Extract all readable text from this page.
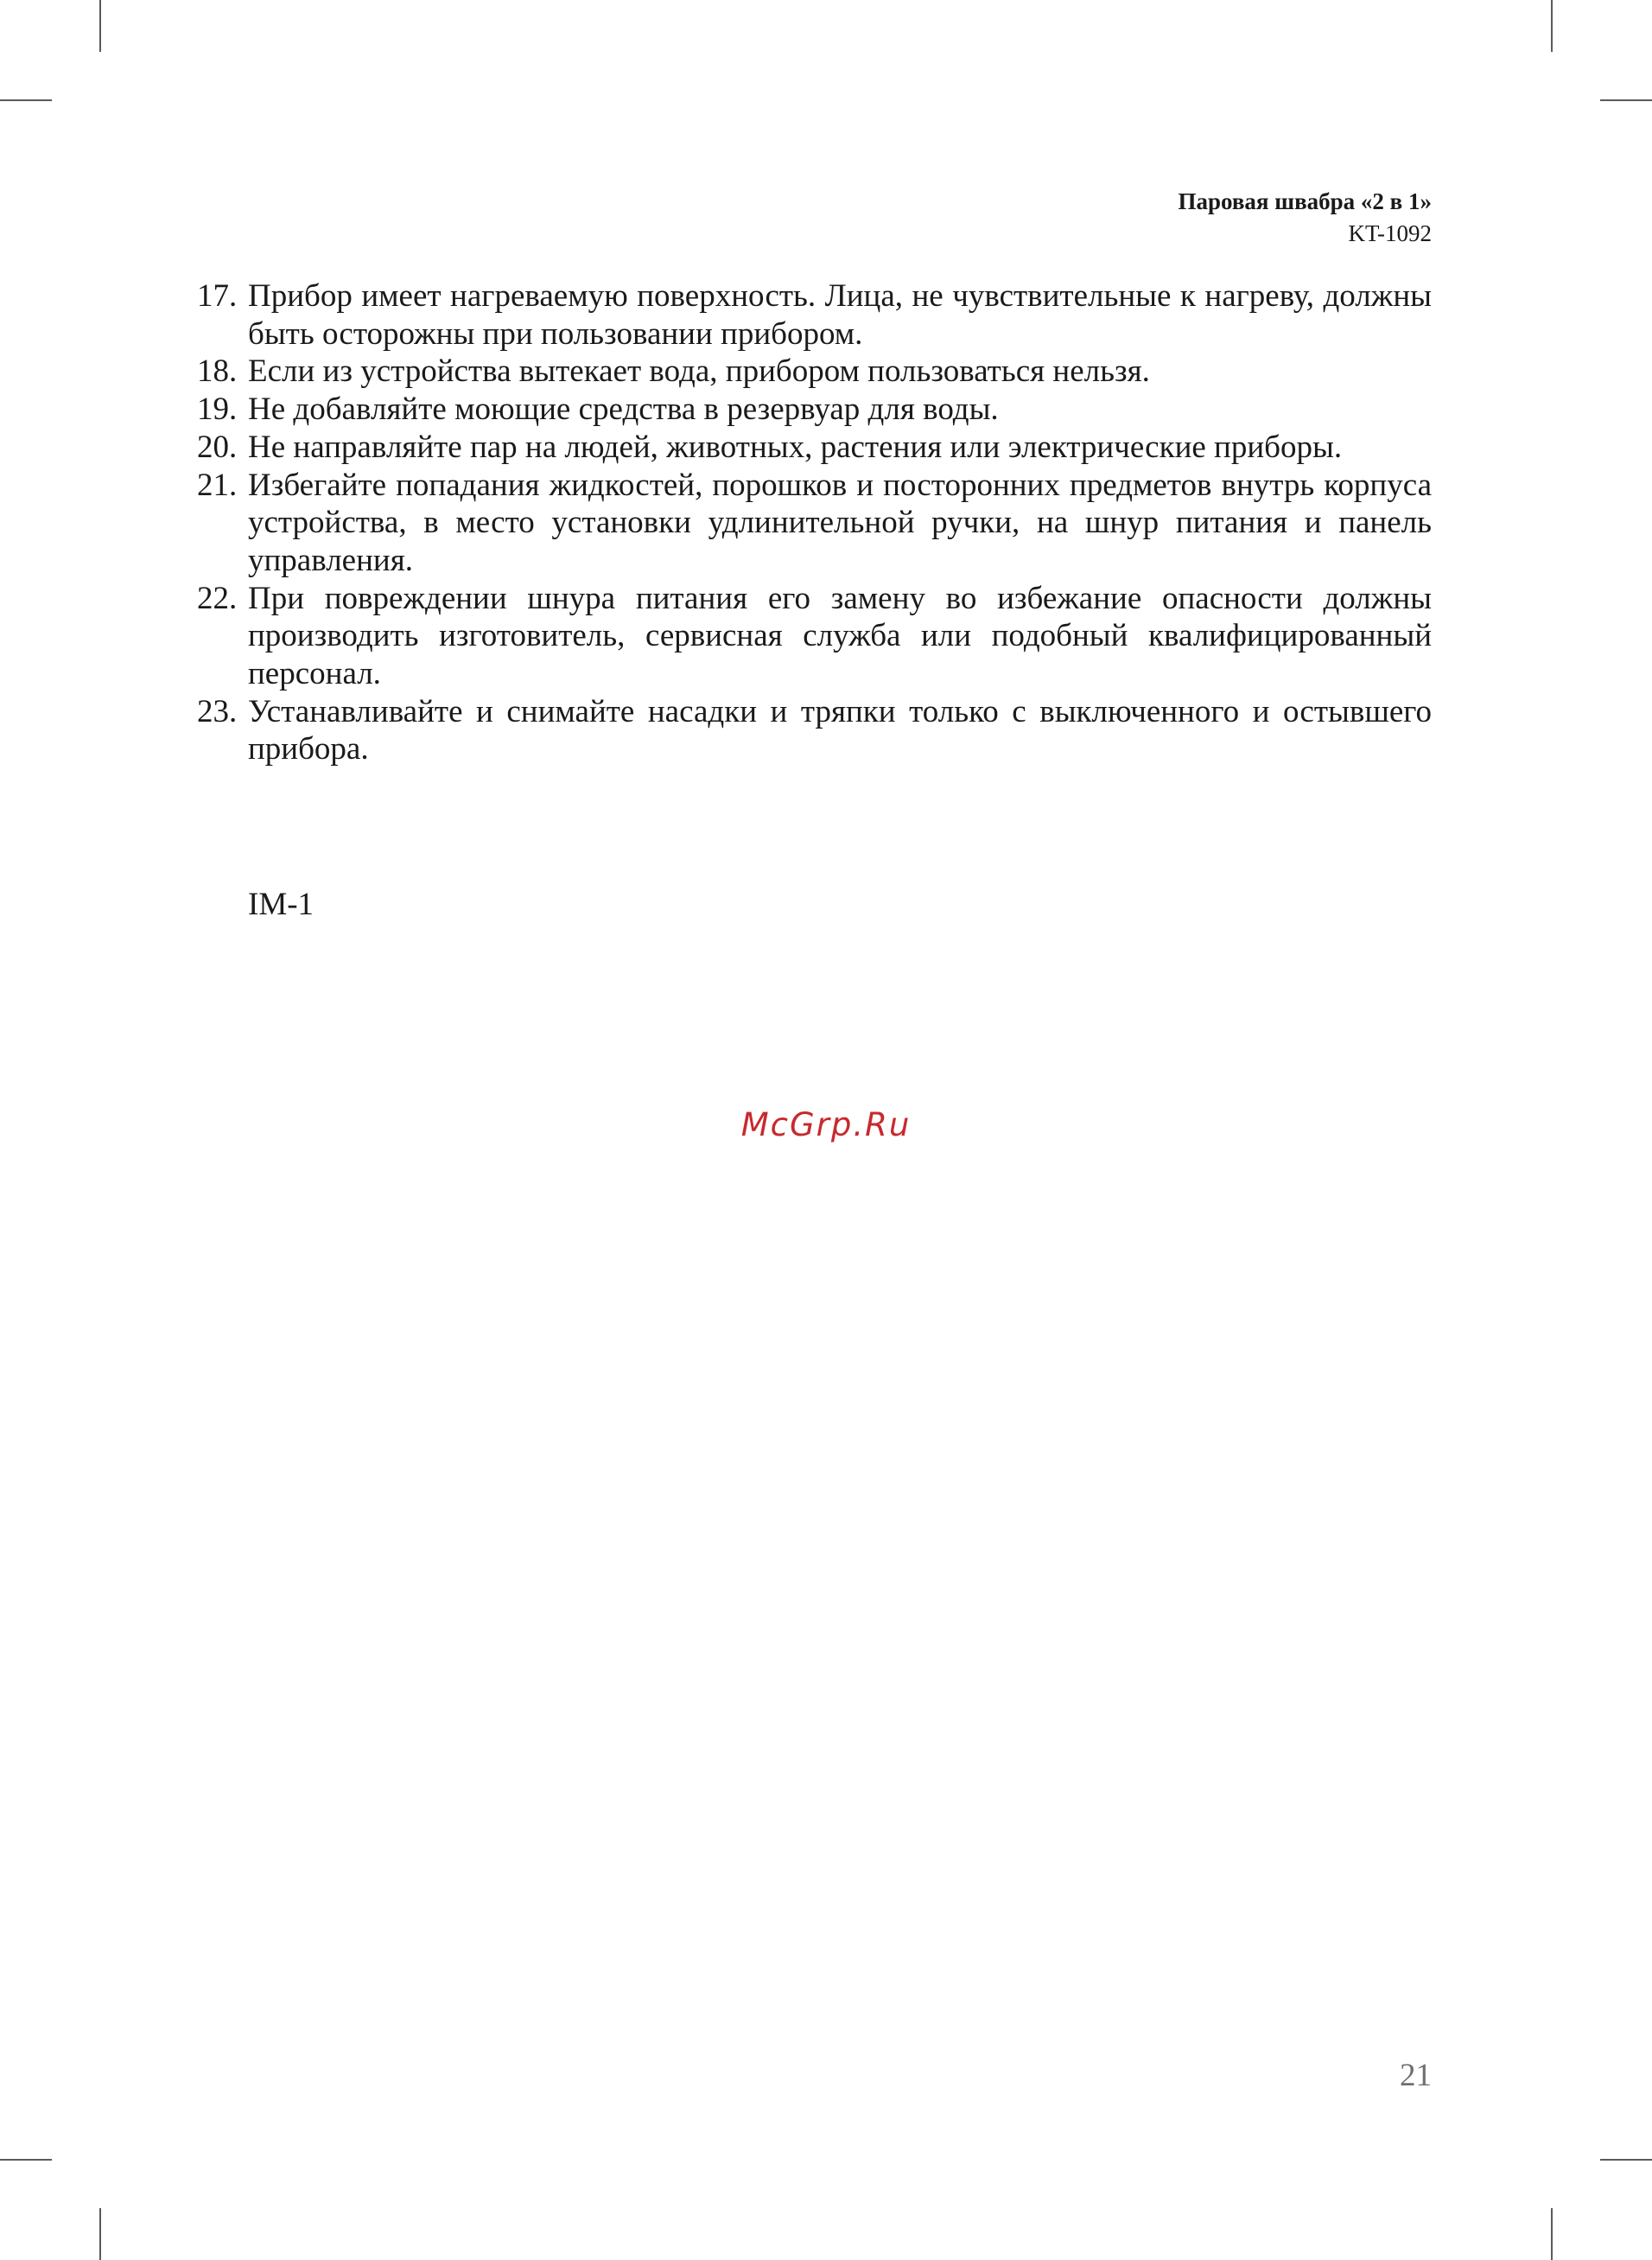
Паровая швабра «2 в 1»
KT-1092
17. Прибор имеет нагреваемую поверхность. Лица, не чувствительные к нагреву, должны быть осторожны при пользовании прибором.
18. Если из устройства вытекает вода, прибором пользоваться нельзя.
19. Не добавляйте моющие средства в резервуар для воды.
20. Не направляйте пар на людей, животных, растения или электрические приборы.
21. Избегайте попадания жидкостей, порошков и посторонних предметов внутрь корпуса устройства, в место установки удлинительной ручки, на шнур питания и панель управления.
22. При повреждении шнура питания его замену во избежание опасности должны производить изготовитель, сервисная служба или подобный квалифицированный персонал.
23. Устанавливайте и снимайте насадки и тряпки только с выключенного и остывшего прибора.
IM-1
McGrp.Ru
21
